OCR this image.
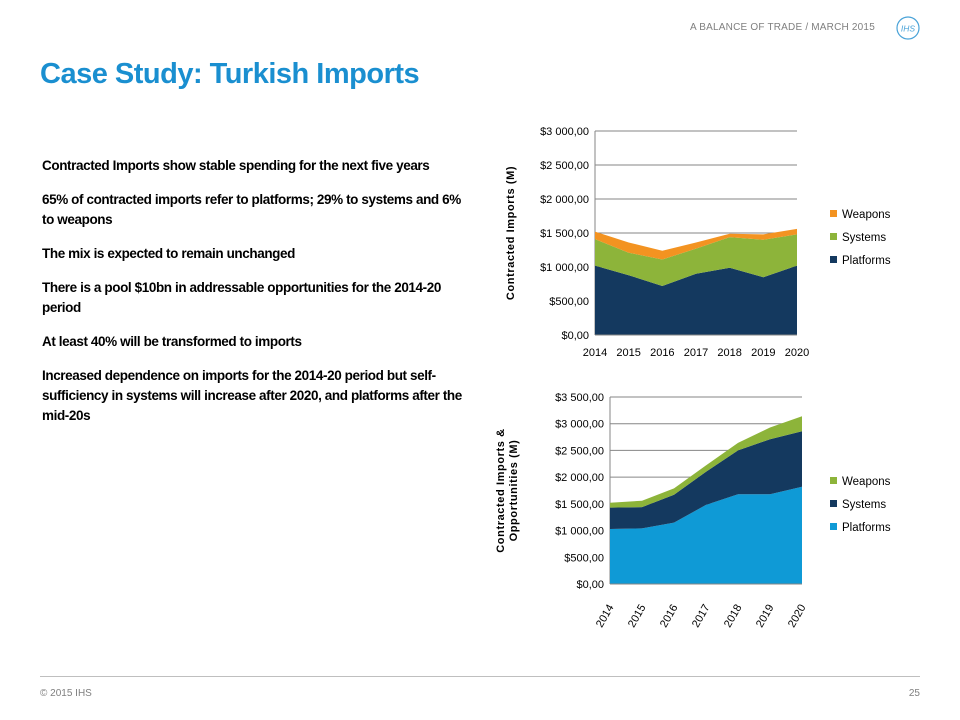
A BALANCE OF TRADE / MARCH 2015	IHS
Case Study: Turkish Imports

Contracted Imports show stable spending for the next five years

65% of contracted imports refer to platforms; 29% to systems and 6% to weapons

The mix is expected to remain unchanged

There is a pool $10bn in addressable opportunities for the 2014-20 period

At least 40% will be transformed to imports

Increased dependence on imports for the 2014-20 period but self-sufficiency in systems will increase after 2020, and platforms after the mid-20s

$0,00
$500,00
$1 000,00
$1 500,00
$2 000,00
$2 500,00
$3 000,00
2014 2015 2016 2017 2018 2019 2020
Contracted Imports (M)	Weapons
Systems
Platforms
$0,00
$500,00
$1 000,00
$1 500,00
$2 000,00
$2 500,00
$3 000,00
$3 500,00
2014 2015 2016 2017 2018 2019 2020
Contracted Imports & Opportunities (M)	Weapons
Systems
Platforms
© 2015 IHS	25
